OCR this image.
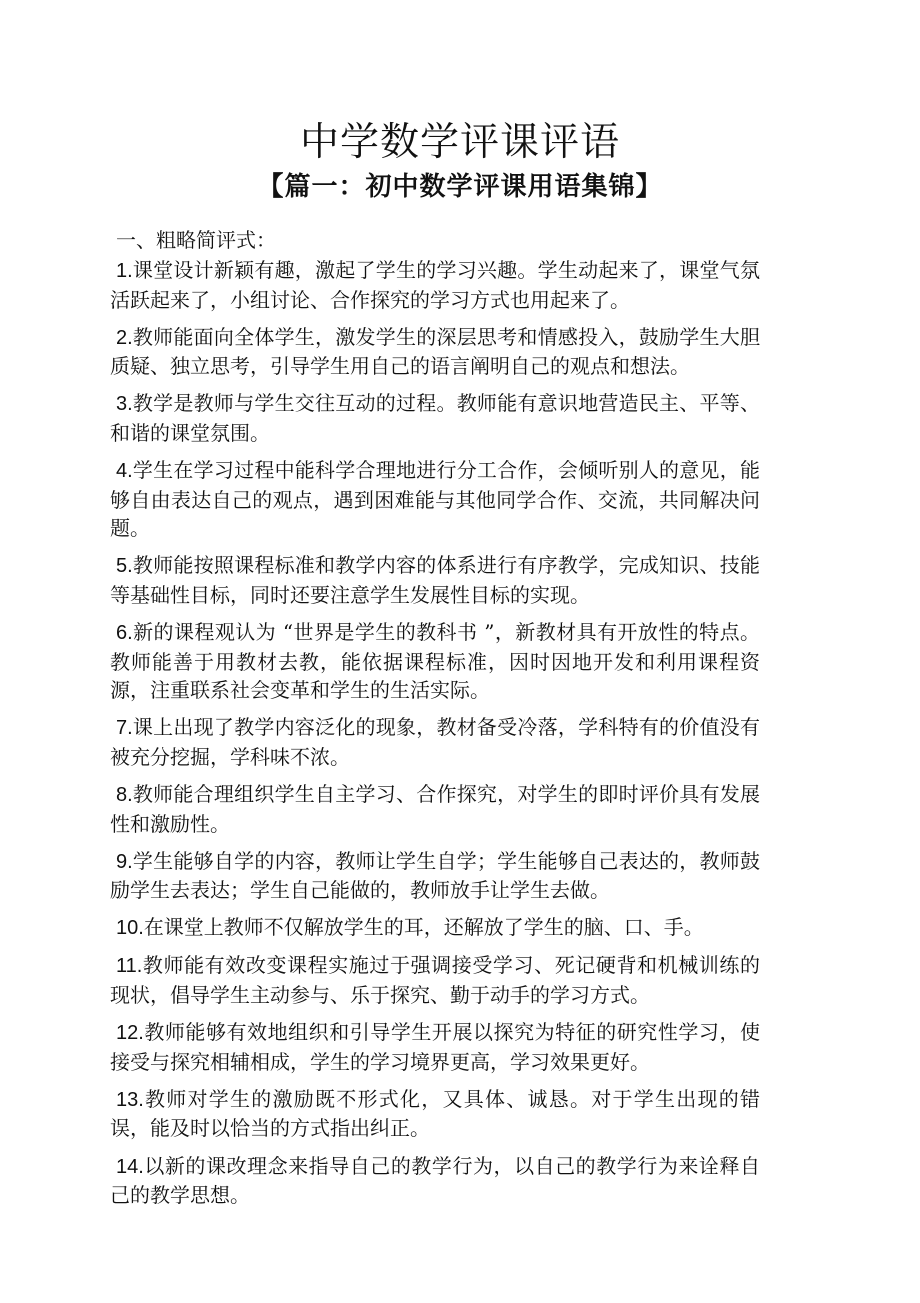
中学数学评课评语
【篇一：初中数学评课用语集锦】

一、粗略简评式：

1.课堂设计新颖有趣，激起了学生的学习兴趣。学生动起来了，课堂气氛活跃起来了，小组讨论、合作探究的学习方式也用起来了。
2.教师能面向全体学生，激发学生的深层思考和情感投入，鼓励学生大胆质疑、独立思考，引导学生用自己的语言阐明自己的观点和想法。
3.教学是教师与学生交往互动的过程。教师能有意识地营造民主、平等、和谐的课堂氛围。
4.学生在学习过程中能科学合理地进行分工合作，会倾听别人的意见，能够自由表达自己的观点，遇到困难能与其他同学合作、交流，共同解决问题。
5.教师能按照课程标准和教学内容的体系进行有序教学，完成知识、技能等基础性目标，同时还要注意学生发展性目标的实现。
6.新的课程观认为 “世界是学生的教科书 ”，新教材具有开放性的特点。教师能善于用教材去教，能依据课程标准，因时因地开发和利用课程资源，注重联系社会变革和学生的生活实际。
7.课上出现了教学内容泛化的现象，教材备受冷落，学科特有的价值没有被充分挖掘，学科味不浓。
8.教师能合理组织学生自主学习、合作探究，对学生的即时评价具有发展性和激励性。
9.学生能够自学的内容，教师让学生自学；学生能够自己表达的，教师鼓励学生去表达；学生自己能做的，教师放手让学生去做。
10.在课堂上教师不仅解放学生的耳，还解放了学生的脑、口、手。
11.教师能有效改变课程实施过于强调接受学习、死记硬背和机械训练的现状，倡导学生主动参与、乐于探究、勤于动手的学习方式。
12.教师能够有效地组织和引导学生开展以探究为特征的研究性学习，使接受与探究相辅相成，学生的学习境界更高，学习效果更好。
13.教师对学生的激励既不形式化，又具体、诚恳。对于学生出现的错误，能及时以恰当的方式指出纠正。
14.以新的课改理念来指导自己的教学行为，以自己的教学行为来诠释自己的教学思想。
